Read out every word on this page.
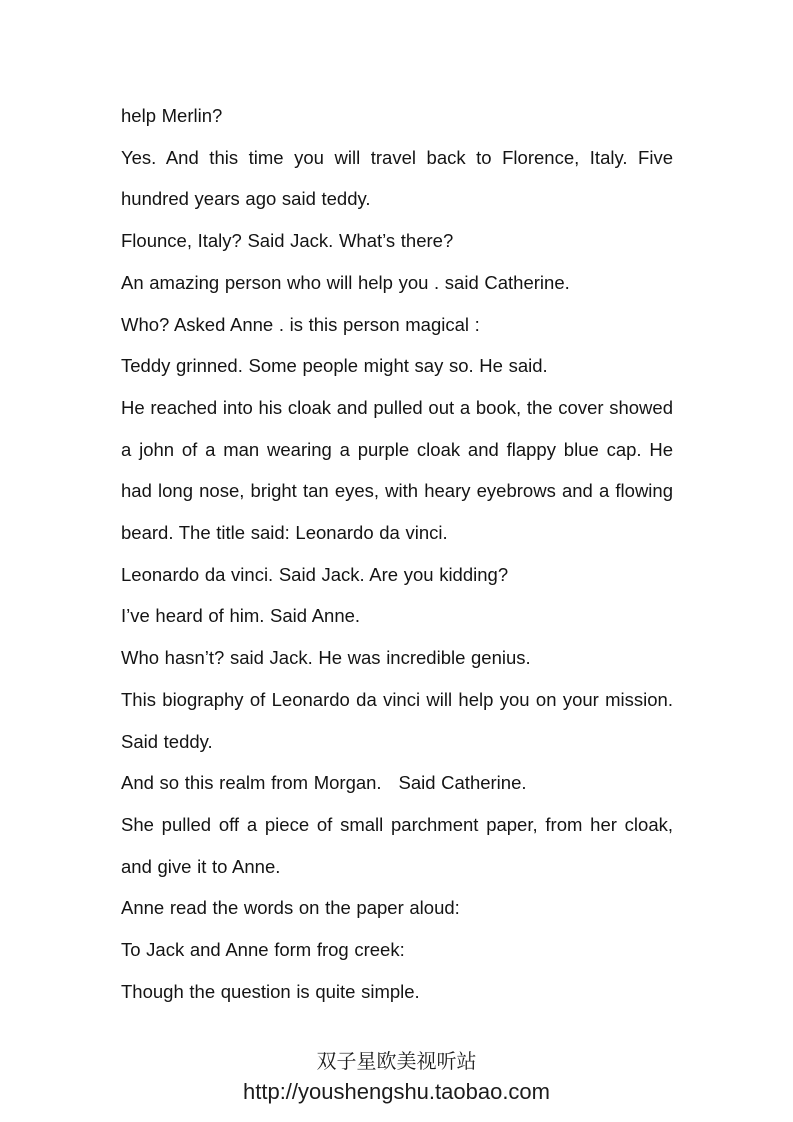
help Merlin?

Yes. And this time you will travel back to Florence, Italy. Five hundred years ago said teddy.

Flounce, Italy? Said Jack. What’s there?

An amazing person who will help you . said Catherine.

Who? Asked Anne . is this person magical :

Teddy grinned. Some people might say so. He said.

He reached into his cloak and pulled out a book, the cover showed a john of a man wearing a purple cloak and flappy blue cap. He had long nose, bright tan eyes, with heary eyebrows and a flowing beard. The title said: Leonardo da vinci.

Leonardo da vinci. Said Jack. Are you kidding?

I’ve heard of him. Said Anne.

Who hasn’t? said Jack. He was incredible genius.

This biography of Leonardo da vinci will help you on your mission. Said teddy.

And so this realm from Morgan.   Said Catherine.

She pulled off a piece of small parchment paper, from her cloak, and give it to Anne.

Anne read the words on the paper aloud:

To Jack and Anne form frog creek:

Though the question is quite simple.

双子星欧美视听站
http://youshengshu.taobao.com
